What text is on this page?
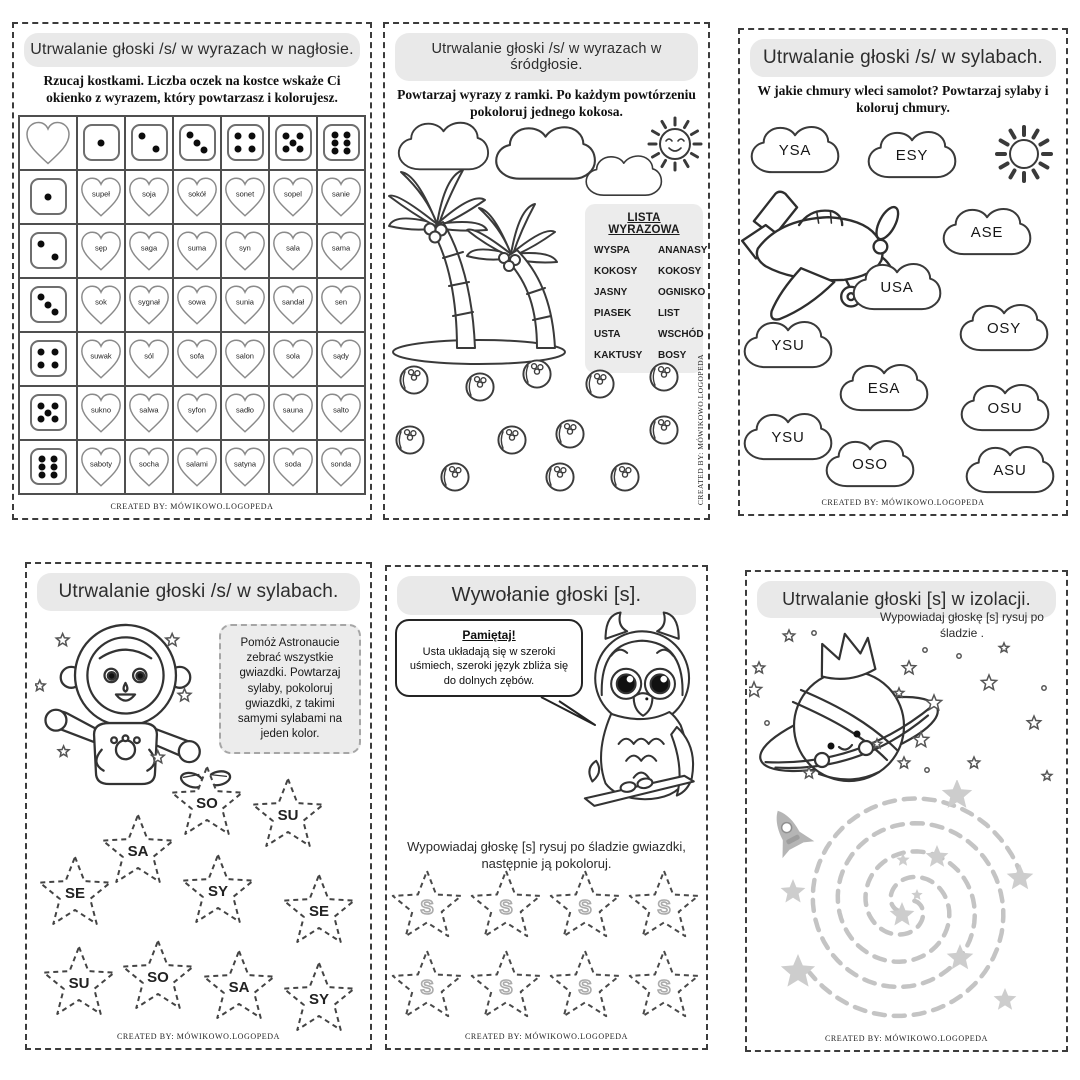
Utrwalanie głoski /s/ w wyrazach w nagłosie.
Rzucaj kostkami. Liczba oczek na kostce wskaże Ci okienko z wyrazem, który powtarzasz i kolorujesz.

	supeł	soja	sokół	sonet	sopel	sanie

	sęp	saga	suma	syn	sala	sama

	sok	sygnał	sowa	sunia	sandał	sen

	suwak	sól	sofa	salon	sola	sądy

	sukno	salwa	syfon	sadło	sauna	salto

	saboty	socha	salami	satyna	soda	sonda
CREATED BY: MÓWIKOWO.LOGOPEDA
Utrwalanie głoski /s/ w wyrazach w śródgłosie.
Powtarzaj wyrazy z ramki. Po każdym powtórzeniu pokoloruj jednego kokosa.
LISTA WYRAZOWA
WYSPA	ANANASY
KOKOSY	KOKOSY
JASNY	OGNISKO
PIASEK	LIST
USTA	WSCHÓD
KAKTUSY	BOSY	CREATED BY: MÓWIKOWO.LOGOPEDA
Utrwalanie głoski /s/ w sylabach.
W jakie chmury wleci samolot? Powtarzaj sylaby i koloruj chmury.
YSA	ESY
ASE
USA
OSY
YSU
ESA
OSU
YSU
OSO	ASU
CREATED BY: MÓWIKOWO.LOGOPEDA
Utrwalanie głoski /s/ w sylabach.
Pomóż Astronaucie zebrać wszystkie gwiazdki. Powtarzaj sylaby, pokoloruj gwiazdki, z takimi samymi sylabami na jeden kolor.
SO
SU
SA
SE	SY
SE
SU	SO
SA
SY
CREATED BY: MÓWIKOWO.LOGOPEDA
Wywołanie głoski [s].
Pamiętaj!
Usta układają się w szeroki uśmiech, szeroki język zbliża się do dolnych zębów.
Wypowiadaj głoskę [s] rysuj po śladzie gwiazdki, następnie ją pokoloruj.
S	S	S	S
S	S	S	S
CREATED BY: MÓWIKOWO.LOGOPEDA
Utrwalanie głoski [s] w izolacji.
Wypowiadaj głoskę [s] rysuj po śladzie .
CREATED BY: MÓWIKOWO.LOGOPEDA
